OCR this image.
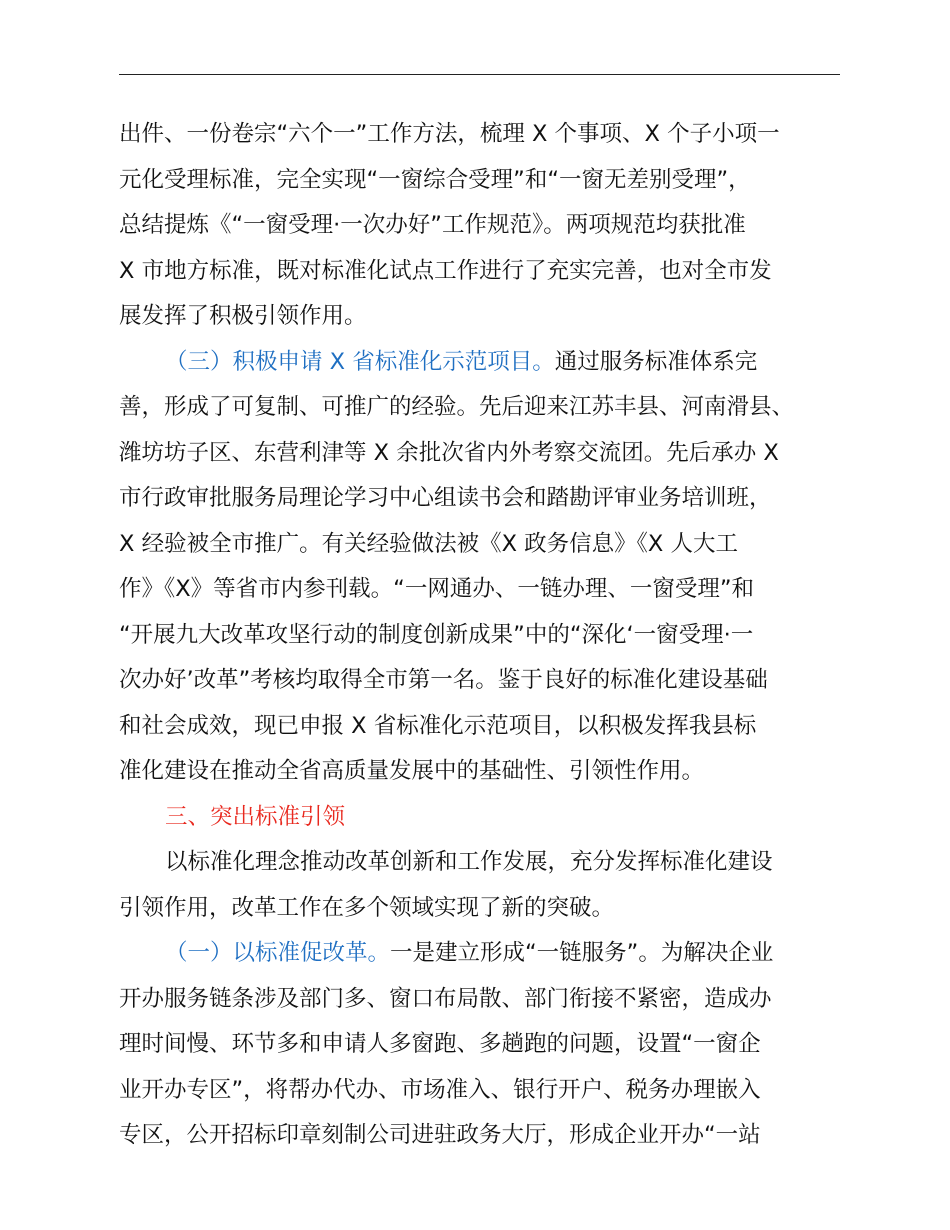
出件、一份卷宗“六个一”工作方法，梳理 X 个事项、X 个子小项一
元化受理标准，完全实现“一窗综合受理”和“一窗无差别受理”，
总结提炼《“一窗受理·一次办好”工作规范》。两项规范均获批准
X 市地方标准，既对标准化试点工作进行了充实完善，也对全市发
展发挥了积极引领作用。
（三）积极申请 X 省标准化示范项目。通过服务标准体系完
善，形成了可复制、可推广的经验。先后迎来江苏丰县、河南滑县、
潍坊坊子区、东营利津等 X 余批次省内外考察交流团。先后承办 X
市行政审批服务局理论学习中心组读书会和踏勘评审业务培训班，
X 经验被全市推广。有关经验做法被《X 政务信息》《X 人大工
作》《X》等省市内参刊载。“一网通办、一链办理、一窗受理”和
“开展九大改革攻坚行动的制度创新成果”中的“深化‘一窗受理·一
次办好’改革”考核均取得全市第一名。鉴于良好的标准化建设基础
和社会成效，现已申报 X 省标准化示范项目，以积极发挥我县标
准化建设在推动全省高质量发展中的基础性、引领性作用。
三、突出标准引领
以标准化理念推动改革创新和工作发展，充分发挥标准化建设
引领作用，改革工作在多个领域实现了新的突破。
（一）以标准促改革。一是建立形成“一链服务”。为解决企业
开办服务链条涉及部门多、窗口布局散、部门衔接不紧密，造成办
理时间慢、环节多和申请人多窗跑、多趟跑的问题，设置“一窗企
业开办专区”，将帮办代办、市场准入、银行开户、税务办理嵌入
专区，公开招标印章刻制公司进驻政务大厅，形成企业开办“一站
